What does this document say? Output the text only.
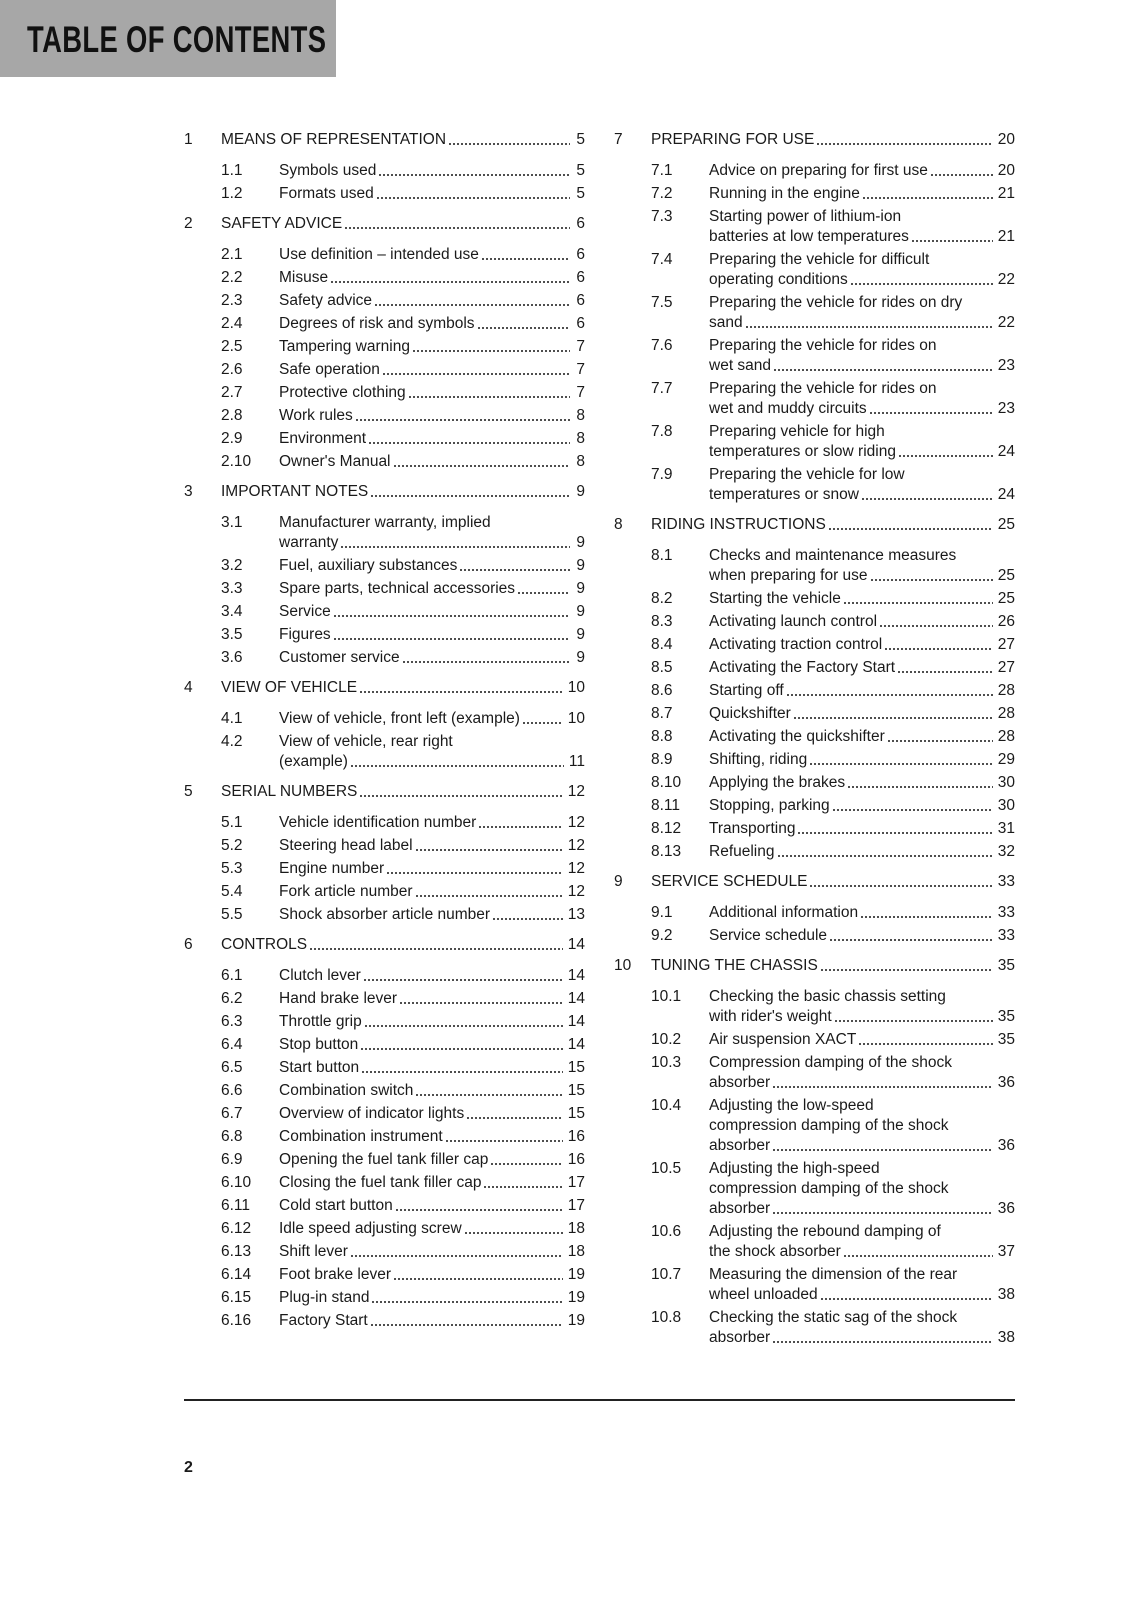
TABLE OF CONTENTS
1	MEANS OF REPRESENTATION	5
1.1	Symbols used	5
1.2	Formats used	5
2	SAFETY ADVICE	6
2.1	Use definition – intended use	6
2.2	Misuse	6
2.3	Safety advice	6
2.4	Degrees of risk and symbols	6
2.5	Tampering warning	7
2.6	Safe operation	7
2.7	Protective clothing	7
2.8	Work rules	8
2.9	Environment	8
2.10	Owner's Manual	8
3	IMPORTANT NOTES	9
3.1	Manufacturer warranty, implied
warranty	9
3.2	Fuel, auxiliary substances	9
3.3	Spare parts, technical accessories	9
3.4	Service	9
3.5	Figures	9
3.6	Customer service	9
4	VIEW OF VEHICLE	10
4.1	View of vehicle, front left (example)	10
4.2	View of vehicle, rear right
(example)	11
5	SERIAL NUMBERS	12
5.1	Vehicle identification number	12
5.2	Steering head label	12
5.3	Engine number	12
5.4	Fork article number	12
5.5	Shock absorber article number	13
6	CONTROLS	14
6.1	Clutch lever	14
6.2	Hand brake lever	14
6.3	Throttle grip	14
6.4	Stop button	14
6.5	Start button	15
6.6	Combination switch	15
6.7	Overview of indicator lights	15
6.8	Combination instrument	16
6.9	Opening the fuel tank filler cap	16
6.10	Closing the fuel tank filler cap	17
6.11	Cold start button	17
6.12	Idle speed adjusting screw	18
6.13	Shift lever	18
6.14	Foot brake lever	19
6.15	Plug-in stand	19
6.16	Factory Start	19
7	PREPARING FOR USE	20
7.1	Advice on preparing for first use	20
7.2	Running in the engine	21
7.3	Starting power of lithium-ion
batteries at low temperatures	21
7.4	Preparing the vehicle for difficult
operating conditions	22
7.5	Preparing the vehicle for rides on dry
sand	22
7.6	Preparing the vehicle for rides on
wet sand	23
7.7	Preparing the vehicle for rides on
wet and muddy circuits	23
7.8	Preparing vehicle for high
temperatures or slow riding	24
7.9	Preparing the vehicle for low
temperatures or snow	24
8	RIDING INSTRUCTIONS	25
8.1	Checks and maintenance measures
when preparing for use	25
8.2	Starting the vehicle	25
8.3	Activating launch control	26
8.4	Activating traction control	27
8.5	Activating the Factory Start	27
8.6	Starting off	28
8.7	Quickshifter	28
8.8	Activating the quickshifter	28
8.9	Shifting, riding	29
8.10	Applying the brakes	30
8.11	Stopping, parking	30
8.12	Transporting	31
8.13	Refueling	32
9	SERVICE SCHEDULE	33
9.1	Additional information	33
9.2	Service schedule	33
10	TUNING THE CHASSIS	35
10.1	Checking the basic chassis setting
with rider's weight	35
10.2	Air suspension XACT	35
10.3	Compression damping of the shock
absorber	36
10.4	Adjusting the low-speed
compression damping of the shock
absorber	36
10.5	Adjusting the high-speed
compression damping of the shock
absorber	36
10.6	Adjusting the rebound damping of
the shock absorber	37
10.7	Measuring the dimension of the rear
wheel unloaded	38
10.8	Checking the static sag of the shock
absorber	38
2
